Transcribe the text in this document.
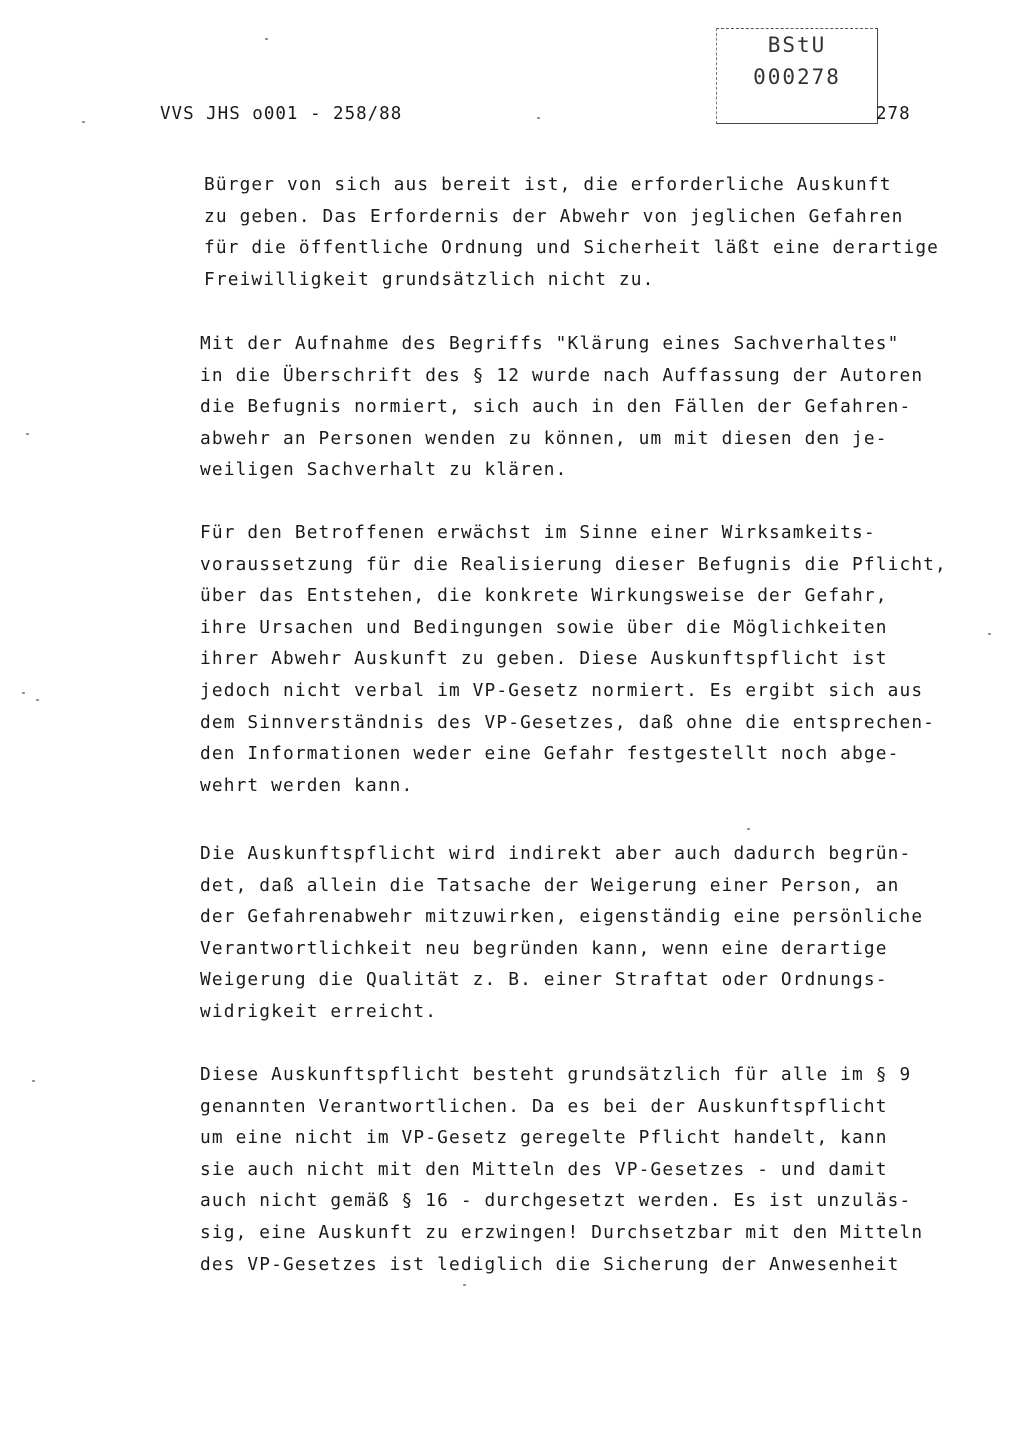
VVS JHS o001 - 258/88
BStU
000278
278
Bürger von sich aus bereit ist, die erforderliche Auskunft
zu geben. Das Erfordernis der Abwehr von jeglichen Gefahren
für die öffentliche Ordnung und Sicherheit läßt eine derartige
Freiwilligkeit grundsätzlich nicht zu.
Mit der Aufnahme des Begriffs "Klärung eines Sachverhaltes"
in die Überschrift des § 12 wurde nach Auffassung der Autoren
die Befugnis normiert, sich auch in den Fällen der Gefahren-
abwehr an Personen wenden zu können, um mit diesen den je-
weiligen Sachverhalt zu klären.
Für den Betroffenen erwächst im Sinne einer Wirksamkeits-
voraussetzung für die Realisierung dieser Befugnis die Pflicht,
über das Entstehen, die konkrete Wirkungsweise der Gefahr,
ihre Ursachen und Bedingungen sowie über die Möglichkeiten
ihrer Abwehr Auskunft zu geben. Diese Auskunftspflicht ist
jedoch nicht verbal im VP-Gesetz normiert. Es ergibt sich aus
dem Sinnverständnis des VP-Gesetzes, daß ohne die entsprechen-
den Informationen weder eine Gefahr festgestellt noch abge-
wehrt werden kann.
Die Auskunftspflicht wird indirekt aber auch dadurch begrün-
det, daß allein die Tatsache der Weigerung einer Person, an
der Gefahrenabwehr mitzuwirken, eigenständig eine persönliche
Verantwortlichkeit neu begründen kann, wenn eine derartige
Weigerung die Qualität z. B. einer Straftat oder Ordnungs-
widrigkeit erreicht.
Diese Auskunftspflicht besteht grundsätzlich für alle im § 9
genannten Verantwortlichen. Da es bei der Auskunftspflicht
um eine nicht im VP-Gesetz geregelte Pflicht handelt, kann
sie auch nicht mit den Mitteln des VP-Gesetzes - und damit
auch nicht gemäß § 16 - durchgesetzt werden. Es ist unzuläs-
sig, eine Auskunft zu erzwingen! Durchsetzbar mit den Mitteln
des VP-Gesetzes ist lediglich die Sicherung der Anwesenheit
